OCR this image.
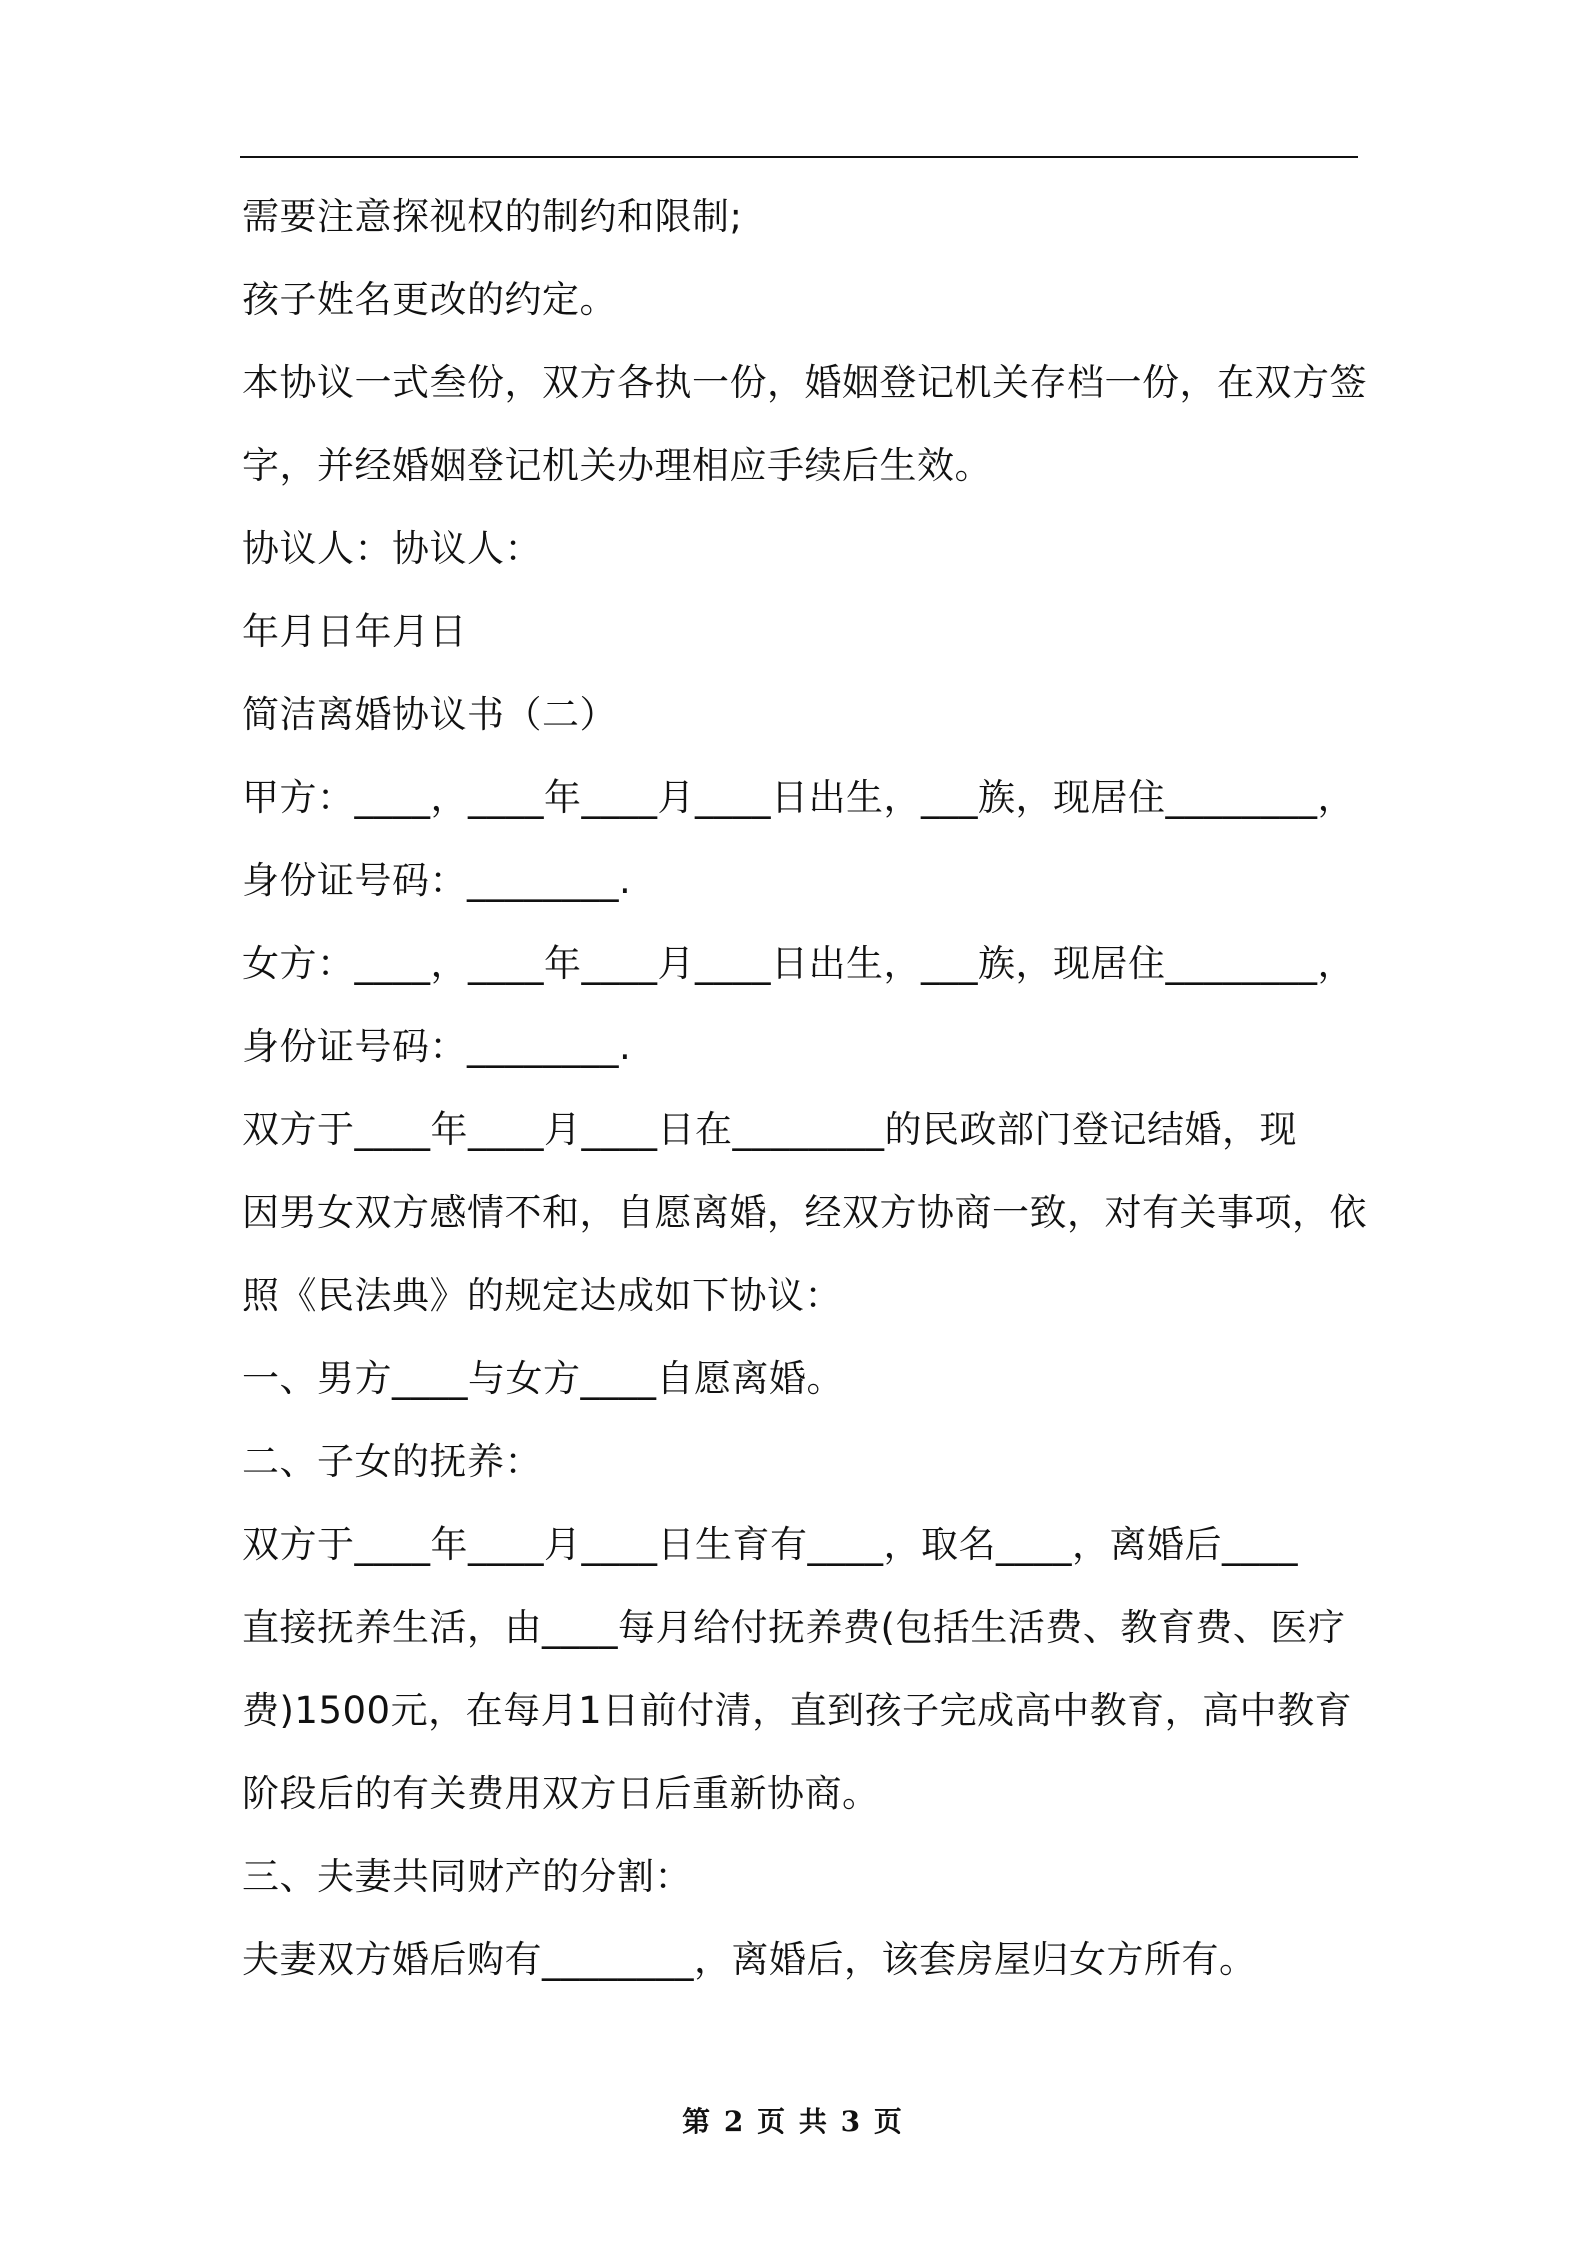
需要注意探视权的制约和限制;
孩子姓名更改的约定。
本协议一式叁份，双方各执一份，婚姻登记机关存档一份，在双方签
字，并经婚姻登记机关办理相应手续后生效。
协议人：协议人：
年月日年月日
简洁离婚协议书（二）
甲方：____，____年____月____日出生，___族，现居住________，
身份证号码：________.
女方：____，____年____月____日出生，___族，现居住________，
身份证号码：________.
双方于____年____月____日在________的民政部门登记结婚，现
因男女双方感情不和，自愿离婚，经双方协商一致，对有关事项，依
照《民法典》的规定达成如下协议：
一、男方____与女方____自愿离婚。
二、子女的抚养：
双方于____年____月____日生育有____，取名____，离婚后____
直接抚养生活，由____每月给付抚养费(包括生活费、教育费、医疗
费)1500元，在每月1日前付清，直到孩子完成高中教育，高中教育
阶段后的有关费用双方日后重新协商。
三、夫妻共同财产的分割：
夫妻双方婚后购有________，离婚后，该套房屋归女方所有。
第 2 页 共 3 页
